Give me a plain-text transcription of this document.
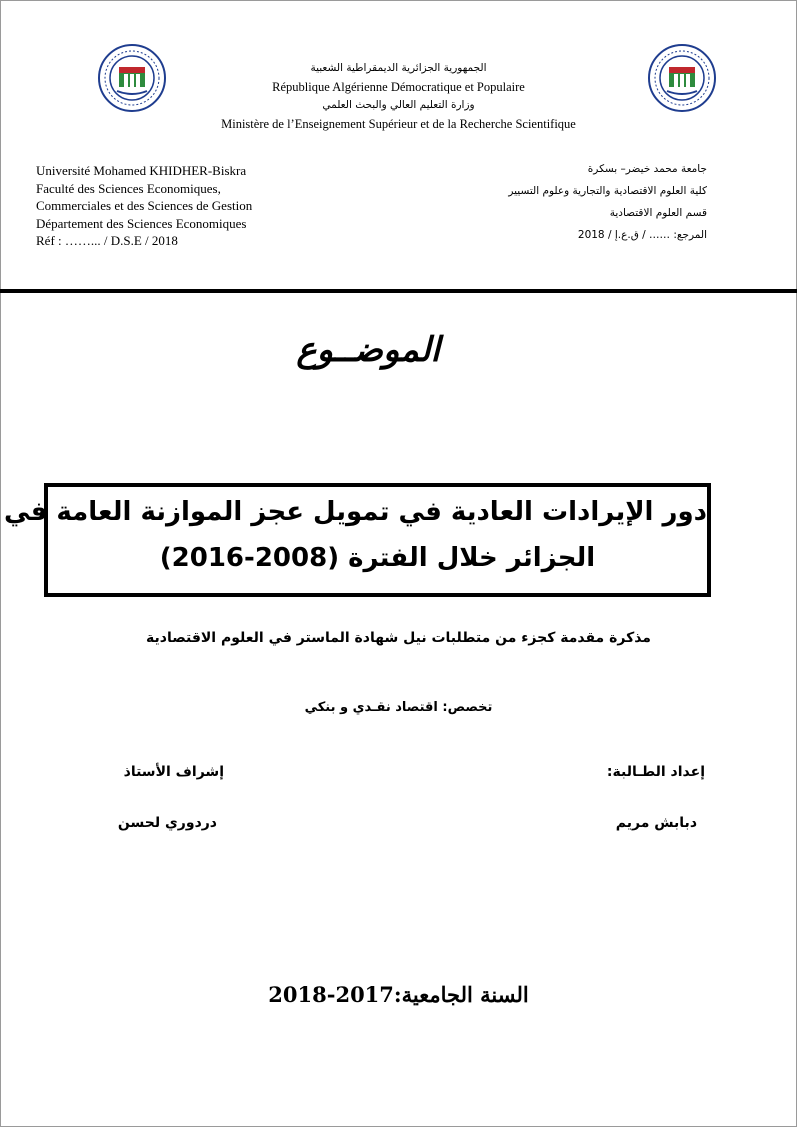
الجمهورية الجزائرية الديمقراطية الشعبية
République Algérienne Démocratique et Populaire
وزارة التعليم العالي والبحث العلمي
Ministère de l’Enseignement Supérieur et de la Recherche Scientifique
Université Mohamed KHIDHER-Biskra
Faculté des Sciences Economiques,
Commerciales et des Sciences de Gestion
Département des Sciences Economiques
Réf : ……... / D.S.E / 2018
جامعة محمد خيضر– بسكرة
كلية العلوم الاقتصادية والتجارية وعلوم التسيير
قسم العلوم الاقتصادية
المرجع: …… / ق.ع.إ / 2018
الموضــوع
دور الإيرادات العادية في تمويل عجز الموازنة العامة في
الجزائر خلال الفترة (2008-2016)
مذكرة مقدمة كجزء من متطلبات نيل شهادة الماستر في العلوم الاقتصادية
تخصص: اقتصاد نقـدي و بنكي
إعداد الطـالبة:
إشراف الأستاذ
دبابش مريم
دردوري لحسن
السنة الجامعية:2017-2018
